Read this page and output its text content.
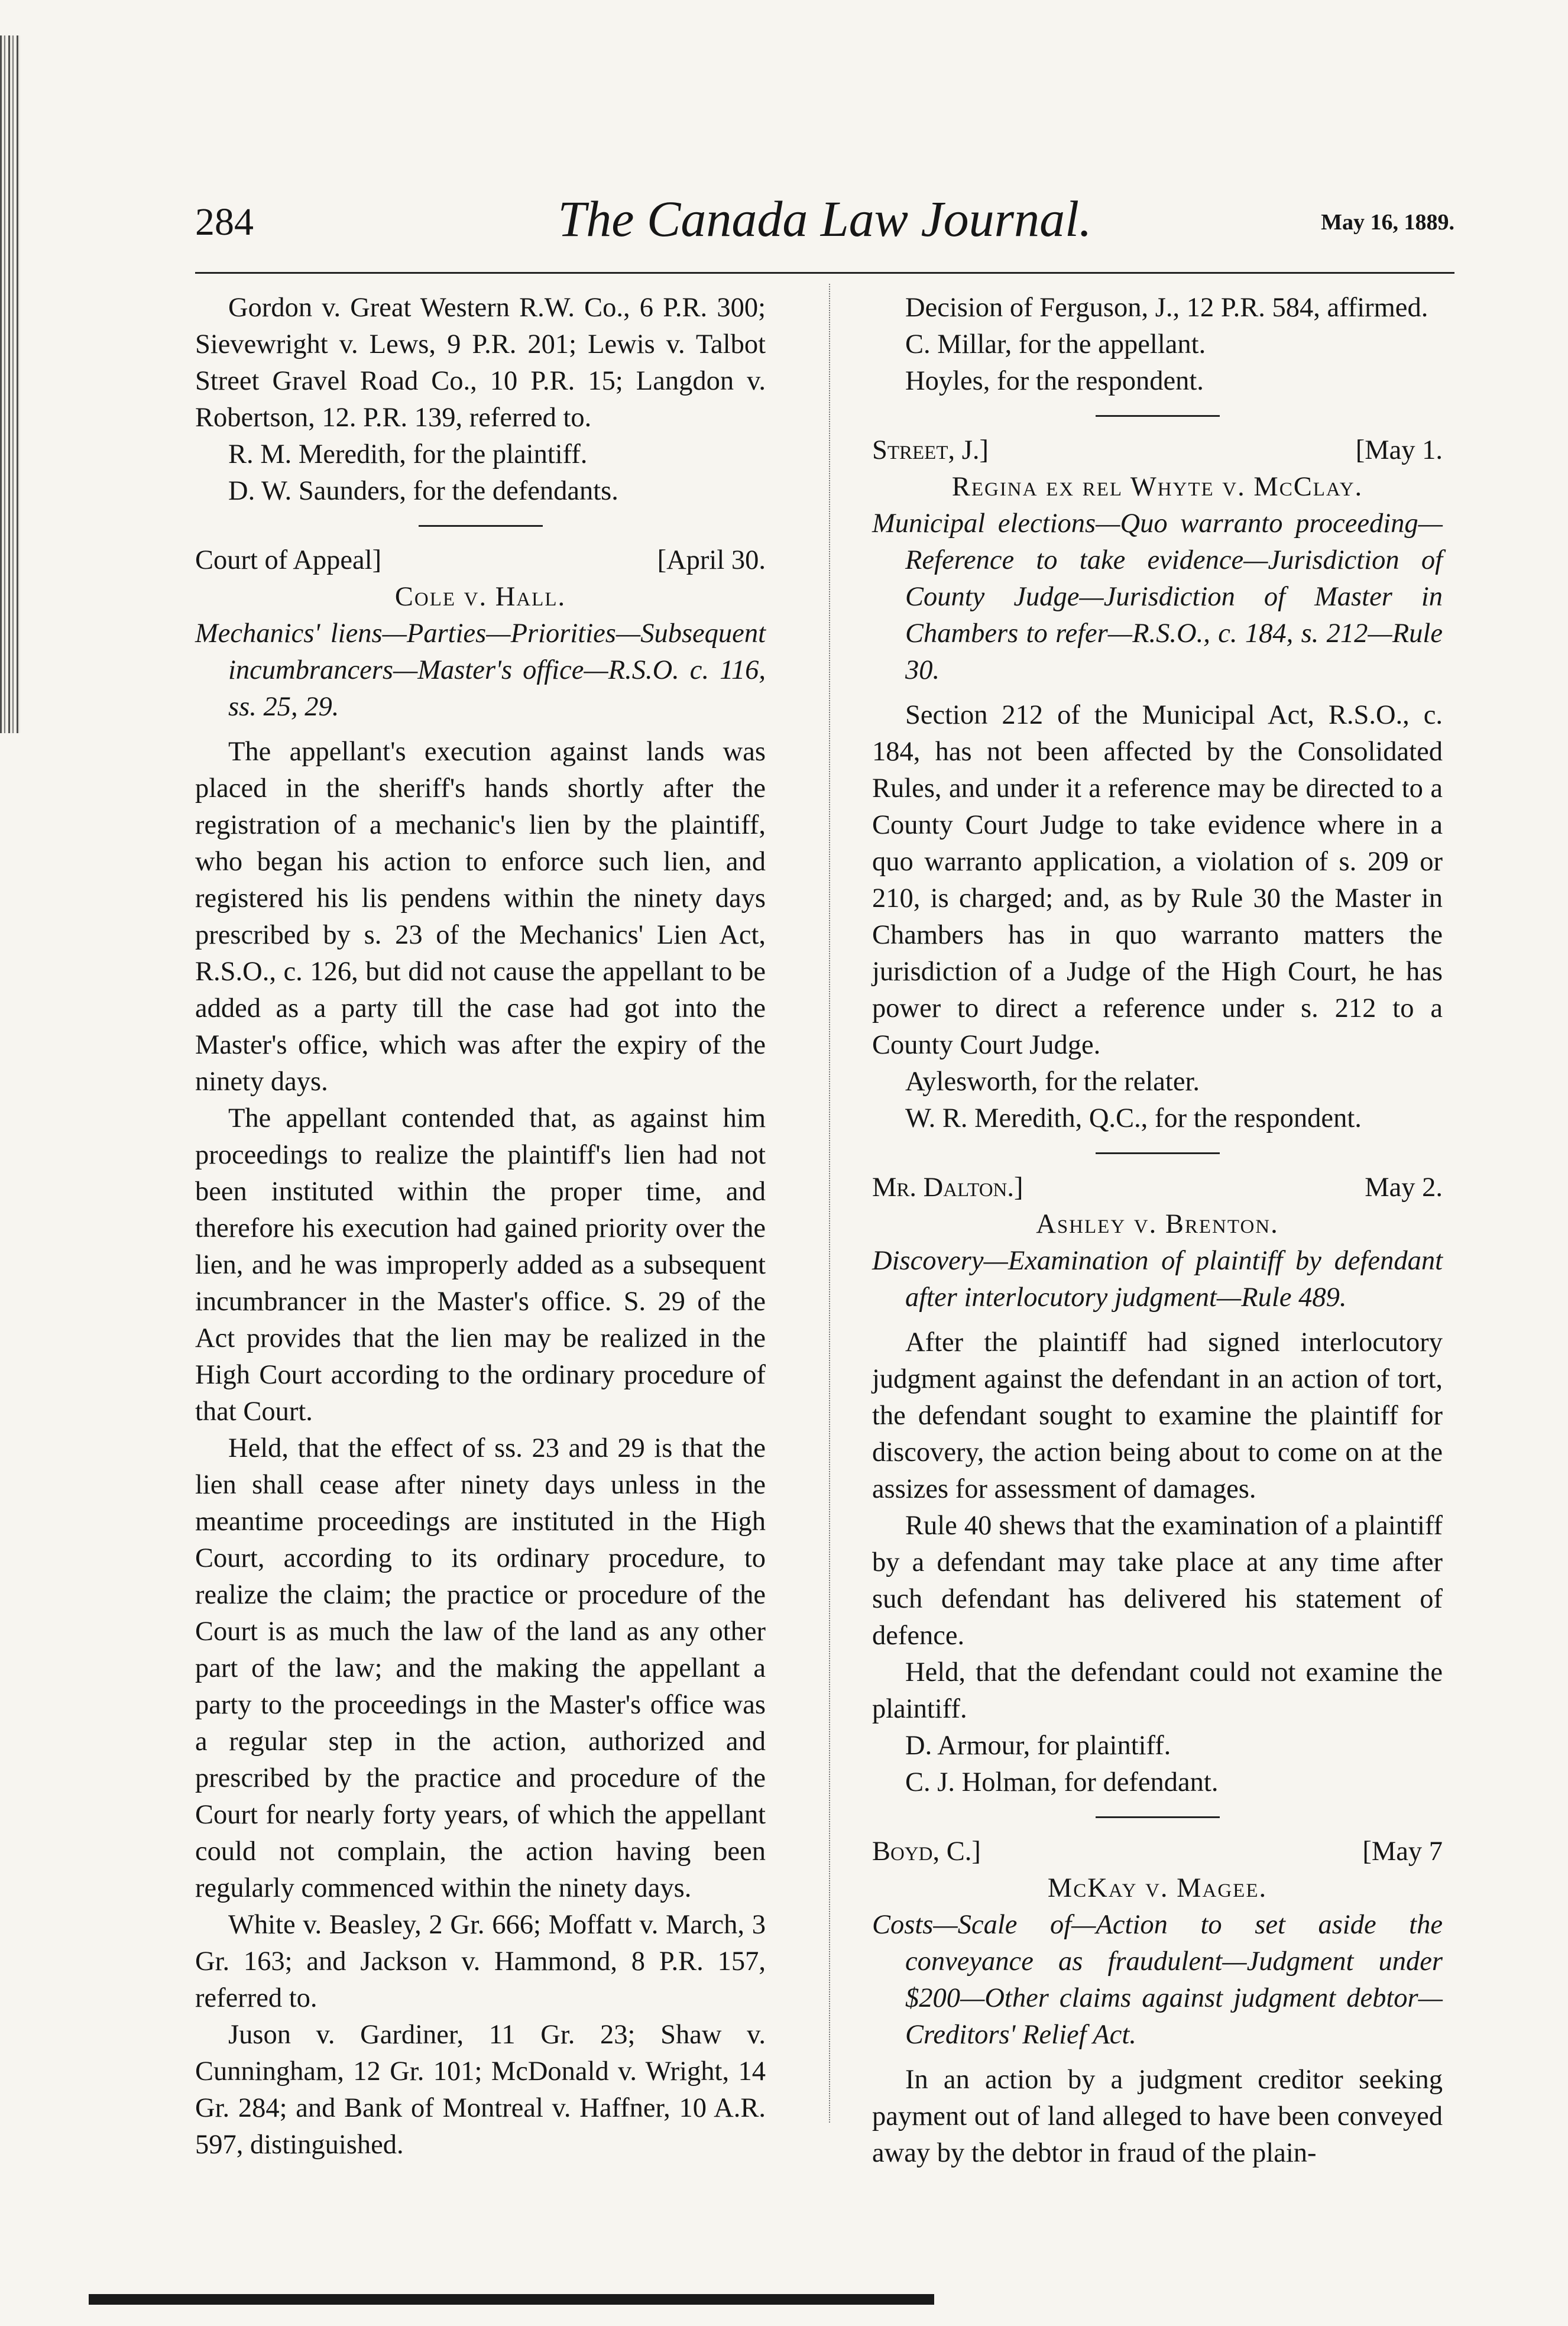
284	The Canada Law Journal.	May 16, 1889.

Gordon v. Great Western R.W. Co., 6 P.R. 300; Sievewright v. Lews, 9 P.R. 201; Lewis v. Talbot Street Gravel Road Co., 10 P.R. 15; Langdon v. Robertson, 12. P.R. 139, referred to.

R. M. Meredith, for the plaintiff.

D. W. Saunders, for the defendants.

Court of Appeal]	[April 30.
Cole v. Hall.
Mechanics' liens—Parties—Priorities—Subsequent incumbrancers—Master's office—R.S.O. c. 116, ss. 25, 29.

The appellant's execution against lands was placed in the sheriff's hands shortly after the registration of a mechanic's lien by the plaintiff, who began his action to enforce such lien, and registered his lis pendens within the ninety days prescribed by s. 23 of the Mechanics' Lien Act, R.S.O., c. 126, but did not cause the appellant to be added as a party till the case had got into the Master's office, which was after the expiry of the ninety days.

The appellant contended that, as against him proceedings to realize the plaintiff's lien had not been instituted within the proper time, and therefore his execution had gained priority over the lien, and he was improperly added as a subsequent incumbrancer in the Master's office. S. 29 of the Act provides that the lien may be realized in the High Court according to the ordinary procedure of that Court.

Held, that the effect of ss. 23 and 29 is that the lien shall cease after ninety days unless in the meantime proceedings are instituted in the High Court, according to its ordinary procedure, to realize the claim; the practice or procedure of the Court is as much the law of the land as any other part of the law; and the making the appellant a party to the proceedings in the Master's office was a regular step in the action, authorized and prescribed by the practice and procedure of the Court for nearly forty years, of which the appellant could not complain, the action having been regularly commenced within the ninety days.

White v. Beasley, 2 Gr. 666; Moffatt v. March, 3 Gr. 163; and Jackson v. Hammond, 8 P.R. 157, referred to.

Juson v. Gardiner, 11 Gr. 23; Shaw v. Cunningham, 12 Gr. 101; McDonald v. Wright, 14 Gr. 284; and Bank of Montreal v. Haffner, 10 A.R. 597, distinguished.

Decision of Ferguson, J., 12 P.R. 584, affirmed.

C. Millar, for the appellant.

Hoyles, for the respondent.

Street, J.]	[May 1.
Regina ex rel Whyte v. McClay.
Municipal elections—Quo warranto proceeding—Reference to take evidence—Jurisdiction of County Judge—Jurisdiction of Master in Chambers to refer—R.S.O., c. 184, s. 212—Rule 30.

Section 212 of the Municipal Act, R.S.O., c. 184, has not been affected by the Consolidated Rules, and under it a reference may be directed to a County Court Judge to take evidence where in a quo warranto application, a violation of s. 209 or 210, is charged; and, as by Rule 30 the Master in Chambers has in quo warranto matters the jurisdiction of a Judge of the High Court, he has power to direct a reference under s. 212 to a County Court Judge.

Aylesworth, for the relater.

W. R. Meredith, Q.C., for the respondent.

Mr. Dalton.]	May 2.
Ashley v. Brenton.
Discovery—Examination of plaintiff by defendant after interlocutory judgment—Rule 489.

After the plaintiff had signed interlocutory judgment against the defendant in an action of tort, the defendant sought to examine the plaintiff for discovery, the action being about to come on at the assizes for assessment of damages.

Rule 40 shews that the examination of a plaintiff by a defendant may take place at any time after such defendant has delivered his statement of defence.

Held, that the defendant could not examine the plaintiff.

D. Armour, for plaintiff.

C. J. Holman, for defendant.

Boyd, C.]	[May 7
McKay v. Magee.
Costs—Scale of—Action to set aside the conveyance as fraudulent—Judgment under $200—Other claims against judgment debtor—Creditors' Relief Act.

In an action by a judgment creditor seeking payment out of land alleged to have been conveyed away by the debtor in fraud of the plain-
